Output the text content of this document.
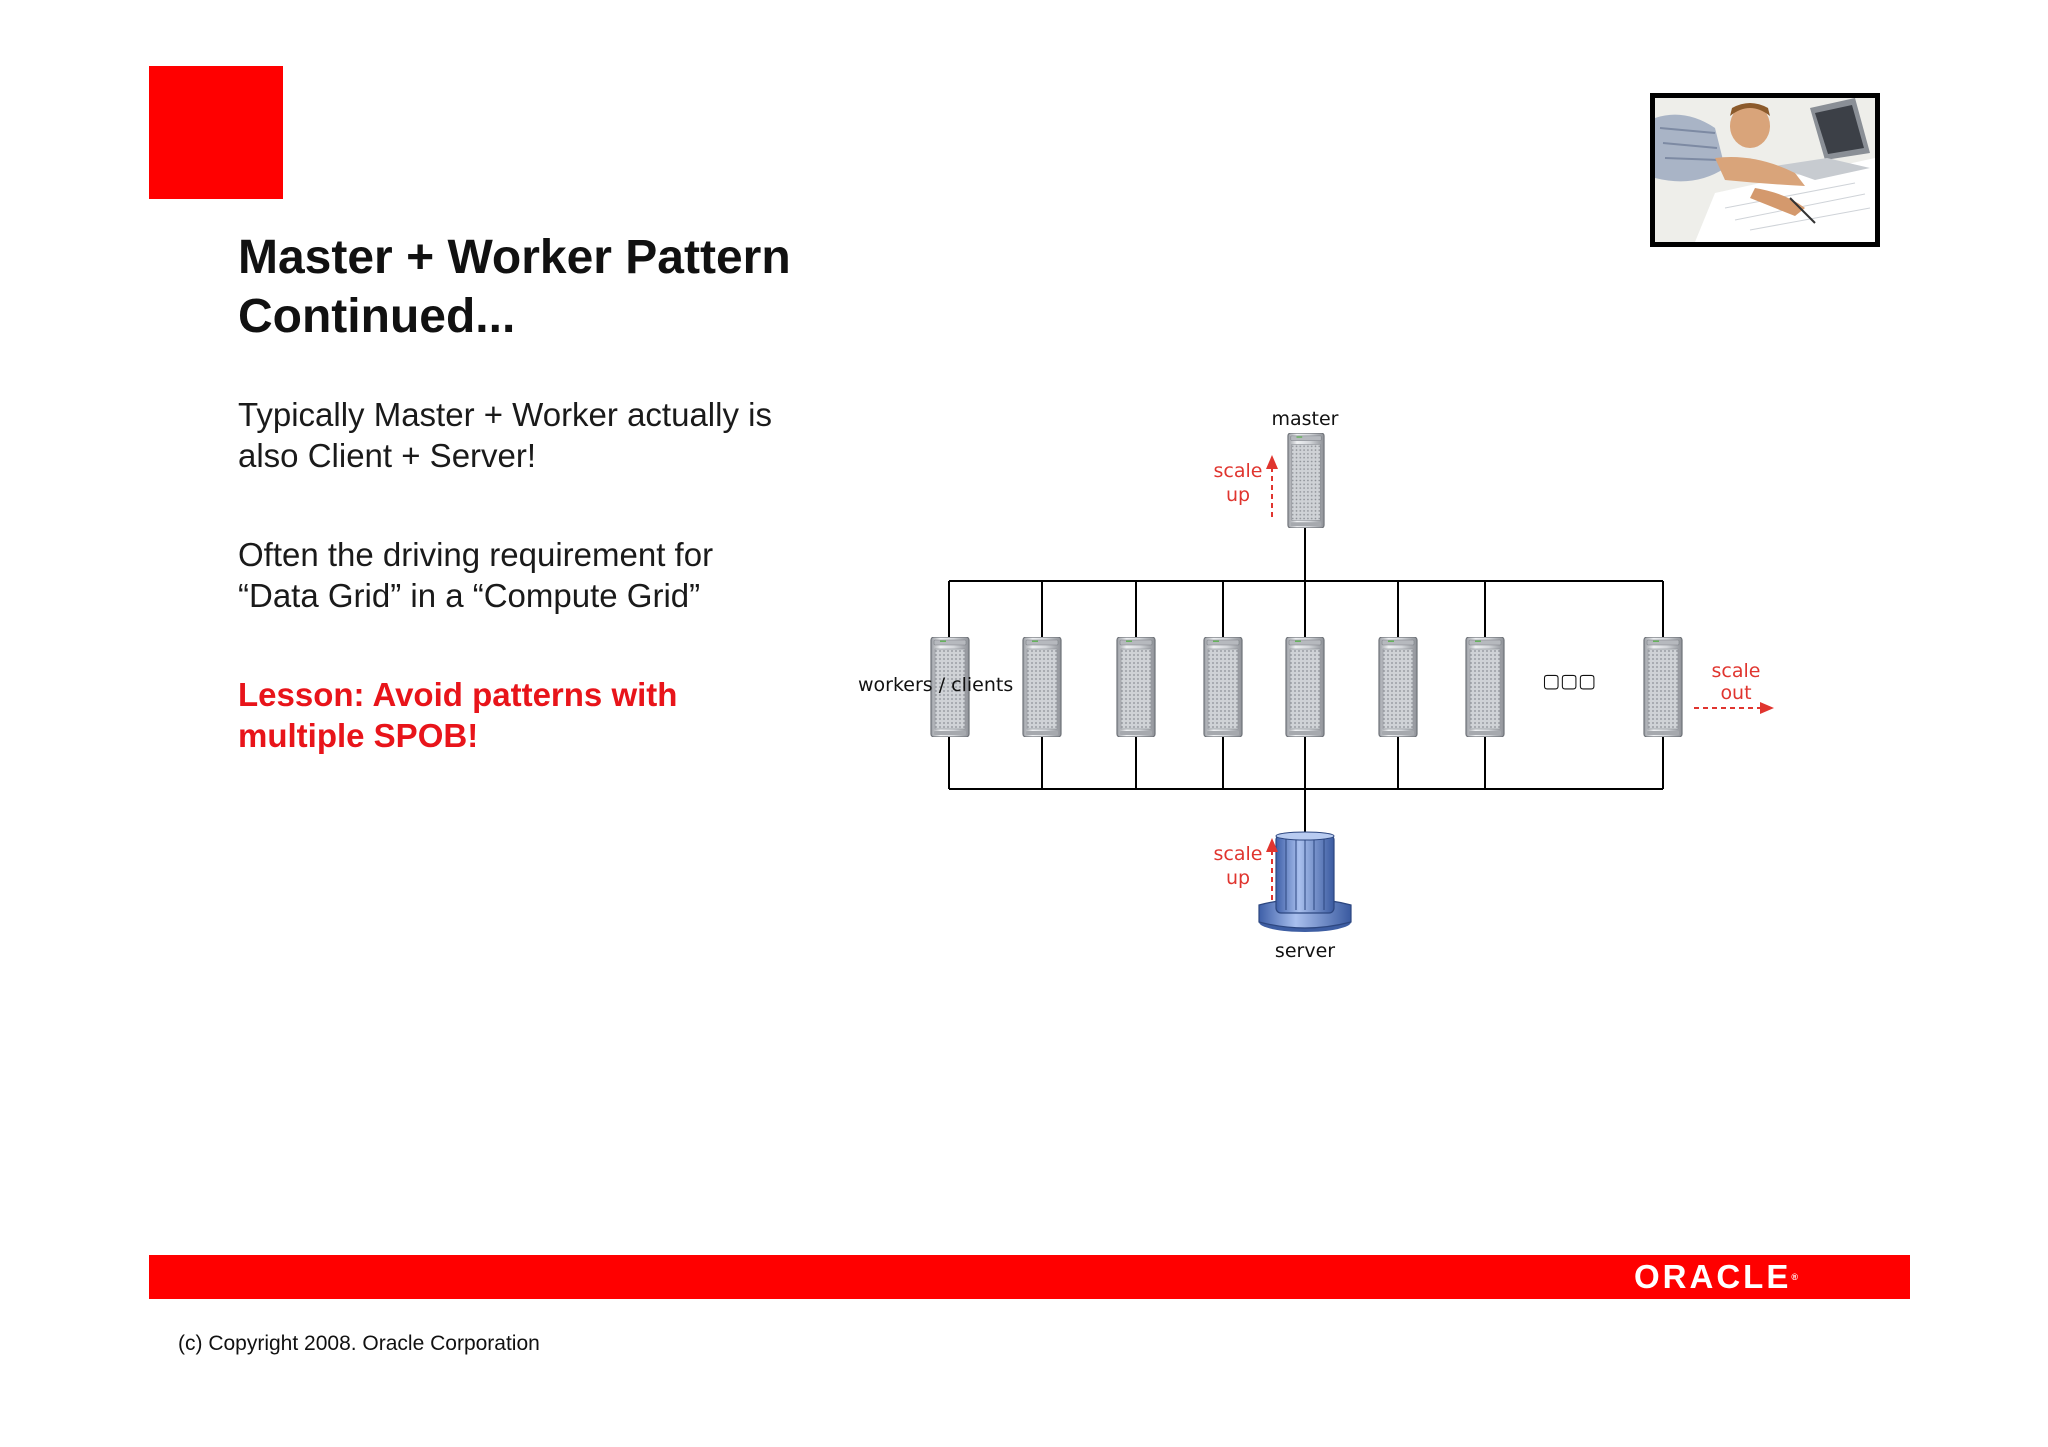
Master + Worker Pattern
Continued...
Typically Master + Worker actually is
also Client + Server!
Often the driving requirement for
“Data Grid” in a “Compute Grid”
Lesson: Avoid patterns with
multiple SPOB!
master
scale
up
workers / clients	▢▢▢	scale
out
server
scale
up
ORACLE®
(c) Copyright 2008. Oracle Corporation
